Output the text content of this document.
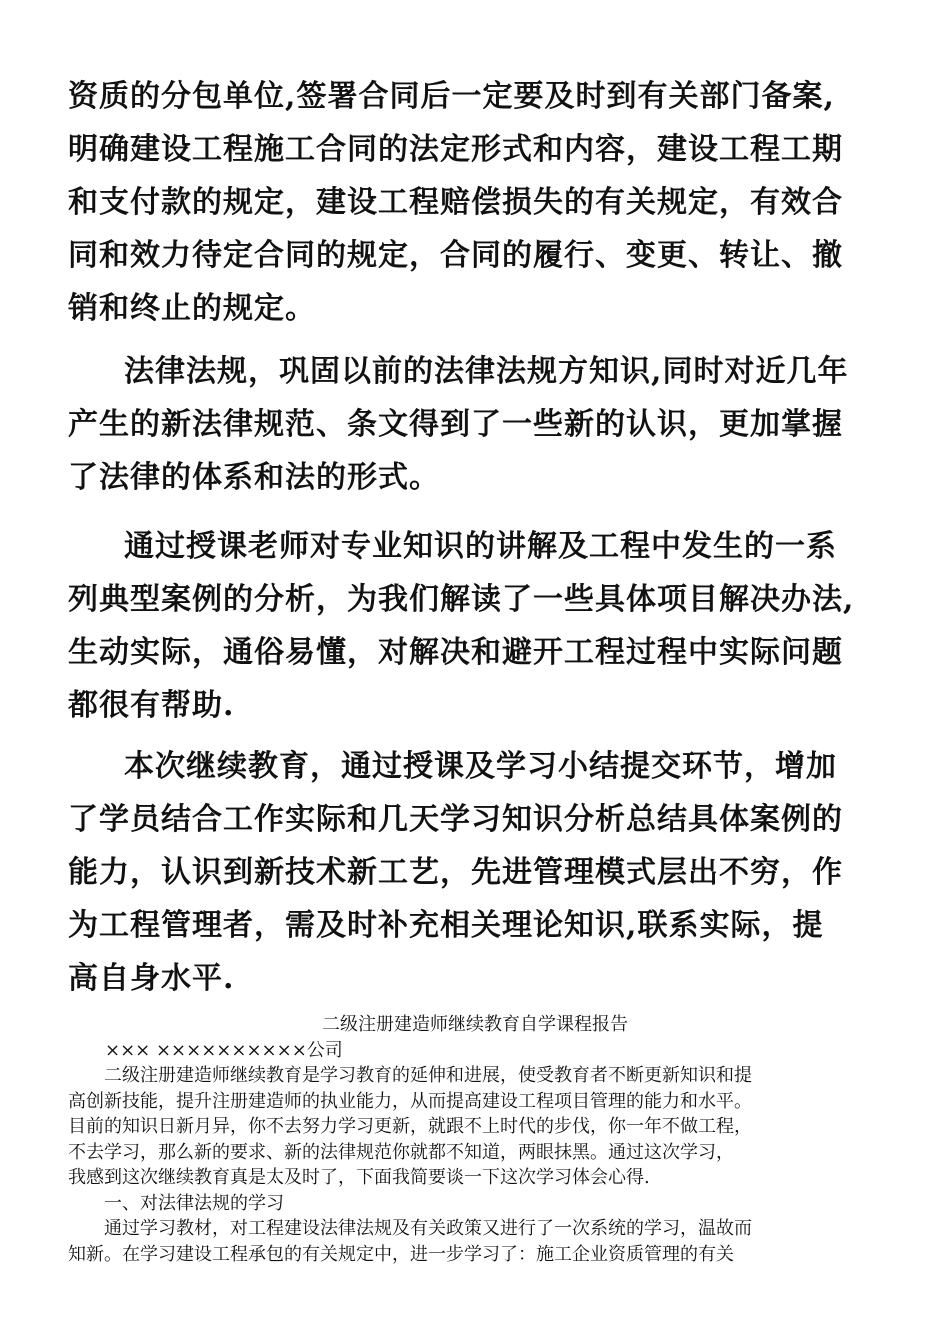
资质的分包单位,签署合同后一定要及时到有关部门备案,
明确建设工程施工合同的法定形式和内容，建设工程工期
和支付款的规定，建设工程赔偿损失的有关规定，有效合
同和效力待定合同的规定，合同的履行、变更、转让、撤
销和终止的规定。

法律法规，巩固以前的法律法规方知识,同时对近几年
产生的新法律规范、条文得到了一些新的认识，更加掌握
了法律的体系和法的形式。

通过授课老师对专业知识的讲解及工程中发生的一系
列典型案例的分析，为我们解读了一些具体项目解决办法,
生动实际，通俗易懂，对解决和避开工程过程中实际问题
都很有帮助.

本次继续教育，通过授课及学习小结提交环节，增加
了学员结合工作实际和几天学习知识分析总结具体案例的
能力，认识到新技术新工艺，先进管理模式层出不穷，作
为工程管理者，需及时补充相关理论知识,联系实际，提
高自身水平.

二级注册建造师继续教育自学课程报告
××× ××××××××××公司

二级注册建造师继续教育是学习教育的延伸和进展，使受教育者不断更新知识和提
高创新技能，提升注册建造师的执业能力，从而提高建设工程项目管理的能力和水平。
目前的知识日新月异，你不去努力学习更新，就跟不上时代的步伐，你一年不做工程，
不去学习，那么新的要求、新的法律规范你就都不知道，两眼抹黑。通过这次学习，
我感到这次继续教育真是太及时了，下面我简要谈一下这次学习体会心得.
一、对法律法规的学习
通过学习教材，对工程建设法律法规及有关政策又进行了一次系统的学习，温故而
知新。在学习建设工程承包的有关规定中，进一步学习了：施工企业资质管理的有关
